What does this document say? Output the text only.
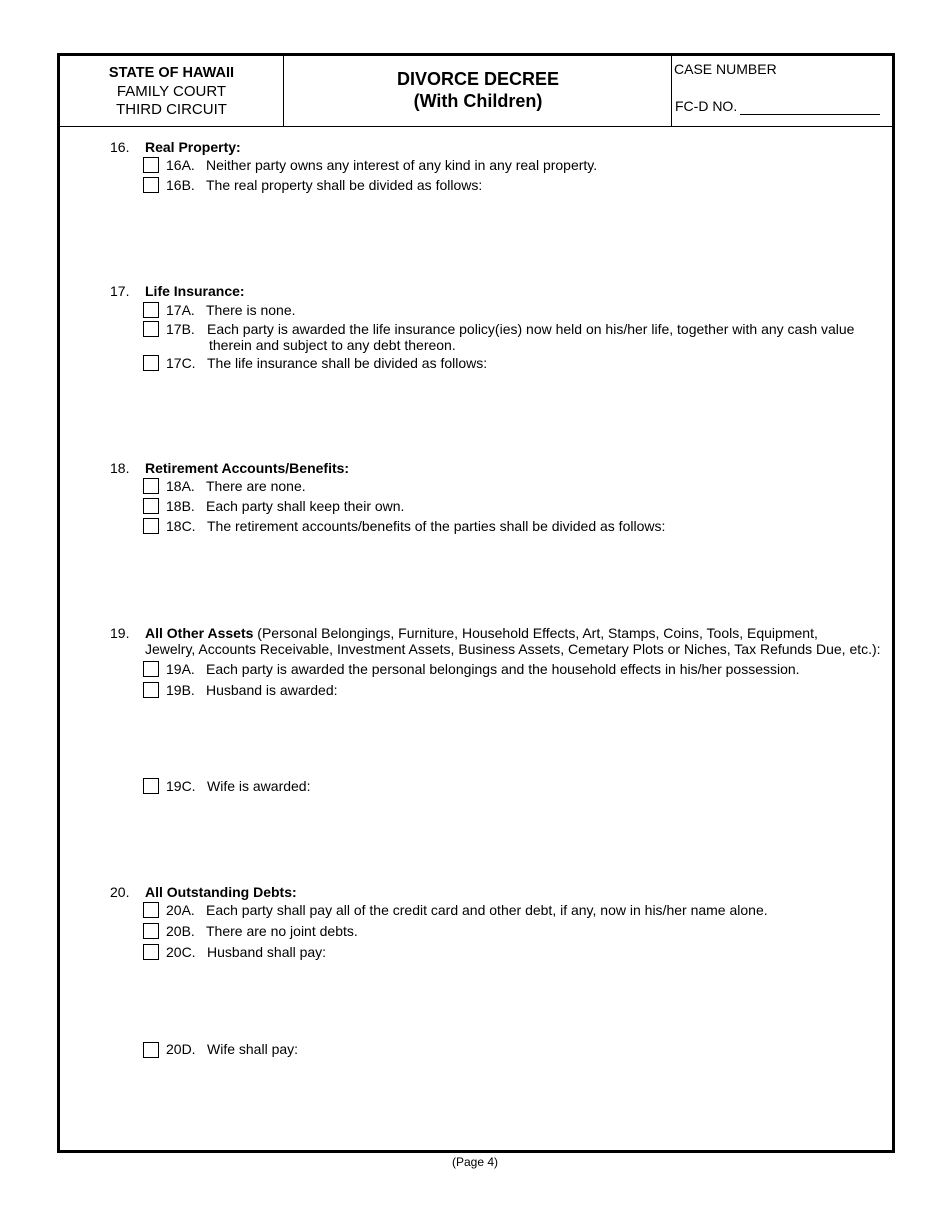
STATE OF HAWAII
FAMILY COURT
THIRD CIRCUIT
DIVORCE DECREE
(With Children)
CASE NUMBER
FC-D NO.
16. Real Property:
16A. Neither party owns any interest of any kind in any real property.
16B. The real property shall be divided as follows:
17. Life Insurance:
17A. There is none.
17B. Each party is awarded the life insurance policy(ies) now held on his/her life, together with any cash value
therein and subject to any debt thereon.
17C. The life insurance shall be divided as follows:
18. Retirement Accounts/Benefits:
18A. There are none.
18B. Each party shall keep their own.
18C. The retirement accounts/benefits of the parties shall be divided as follows:
19. All Other Assets (Personal Belongings, Furniture, Household Effects, Art, Stamps, Coins, Tools, Equipment,
Jewelry, Accounts Receivable, Investment Assets, Business Assets, Cemetary Plots or Niches, Tax Refunds Due, etc.):
19A. Each party is awarded the personal belongings and the household effects in his/her possession.
19B. Husband is awarded:
19C. Wife is awarded:
20. All Outstanding Debts:
20A. Each party shall pay all of the credit card and other debt, if any, now in his/her name alone.
20B. There are no joint debts.
20C. Husband shall pay:
20D. Wife shall pay:
(Page 4)
